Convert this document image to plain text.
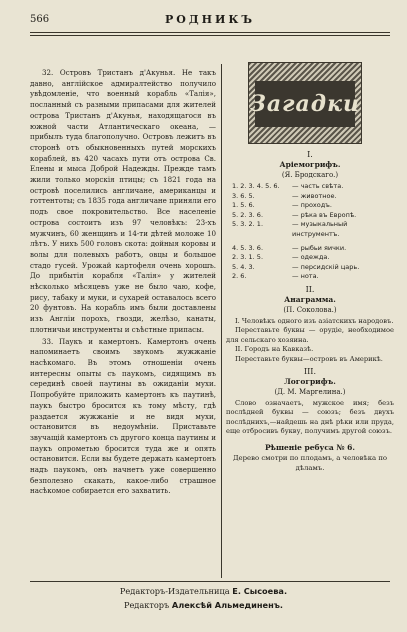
566	РОДНИКЪ

32. Островъ Тристанъ д'Акунья. Не такъ давно, англійское адмиралтейство получило увѣдомленіе, что военный корабль «Талія», посланный съ разными припасами для жителей острова Тристанъ д'Акунья, находящагося въ южной части Атлантическаго океана, — прибылъ туда благополучно. Островъ лежитъ въ сторонѣ отъ обыкновенныхъ путей морскихъ кораблей, въ 420 часахъ пути отъ острова Св. Елены и мыса Доброй Надежды. Прежде тамъ жили только морскія птицы; съ 1821 года на островѣ поселились англичане, американцы и готтентоты; съ 1835 года англичане приняли его подъ свое покровительство. Все населеніе острова состоитъ изъ 97 человѣкъ: 23-хъ мужчинъ, 60 женщинъ и 14-ти дѣтей моложе 10 лѣтъ. У нихъ 500 головъ скота: дойныя коровы и волы для полевыхъ работъ, овцы и большое стадо гусей. Урожай картофеля очень хорошъ. До прибытія корабля «Талія» у жителей нѣсколько мѣсяцевъ уже не было чаю, кофе, рису, табаку и муки, и сухарей оставалось всего 20 фунтовъ. На корабль имъ были доставлены изъ Англіи порохъ, гвозди, желѣзо, канаты, плотничьи инструменты и съѣстные припасы.

33. Паукъ и камертонъ. Камертонъ очень напоминаетъ своимъ звукомъ жужжаніе насѣкомаго. Въ этомъ отношеніи очень интересны опыты съ паукомъ, сидящимъ въ серединѣ своей паутины въ ожиданіи мухи. Попробуйте приложить камертонъ къ паутинѣ, паукъ быстро бросится къ тому мѣсту, гдѣ раздается жужжаніе и не видя мухи, остановится въ недоумѣніи. Приставьте звучащій камертонъ съ другого конца паутины и паукъ опрометью бросится туда же и опять остановится. Если вы будете держать камертонъ надъ паукомъ, онъ начнетъ уже совершенно безполезно скакать, какое-либо страшное насѣкомое собирается его захватить.

Загадки
I.
Аріемогрифъ.
(Я. Бродскаго.)
1. 2. 3. 4. 5. 6.	— часть свѣта.
3. 6. 5.	— животное.
1. 5. 6.	— проходъ.
5. 2. 3. 6.	— рѣка въ Европѣ.
5. 3. 2. 1.	— музыкальный инструментъ.
4. 5. 3. 6.	— рыбьи яички.
2. 3. 1. 5.	— одежда.
5. 4. 3.	— персидскій царь.
2. 6.	— нота.
II.
Анаграмма.
(П. Соколова.)

I. Человѣкъ одного изъ азіатскихъ народовъ.

Переставьте буквы — орудіе, необходимое для сельскаго хозяина.

II. Городъ на Кавказѣ.

Переставьте буквы—островъ въ Америкѣ.

III.
Логогрифъ.
(Д. М. Маргелина.)

Слово означаетъ, мужское имя; безъ послѣдней буквы — союзъ; безъ двухъ послѣднихъ,—найдешь на днѣ рѣки или пруда, еще отбросивъ букву, получимъ другой союзъ.

Рѣшеніе ребуса № 6.
Дерево смотри по плодамъ, а человѣка по дѣламъ.
Редакторъ-Издательница Е. Сысоева.
Редакторъ Алексѣй Альмединенъ.
